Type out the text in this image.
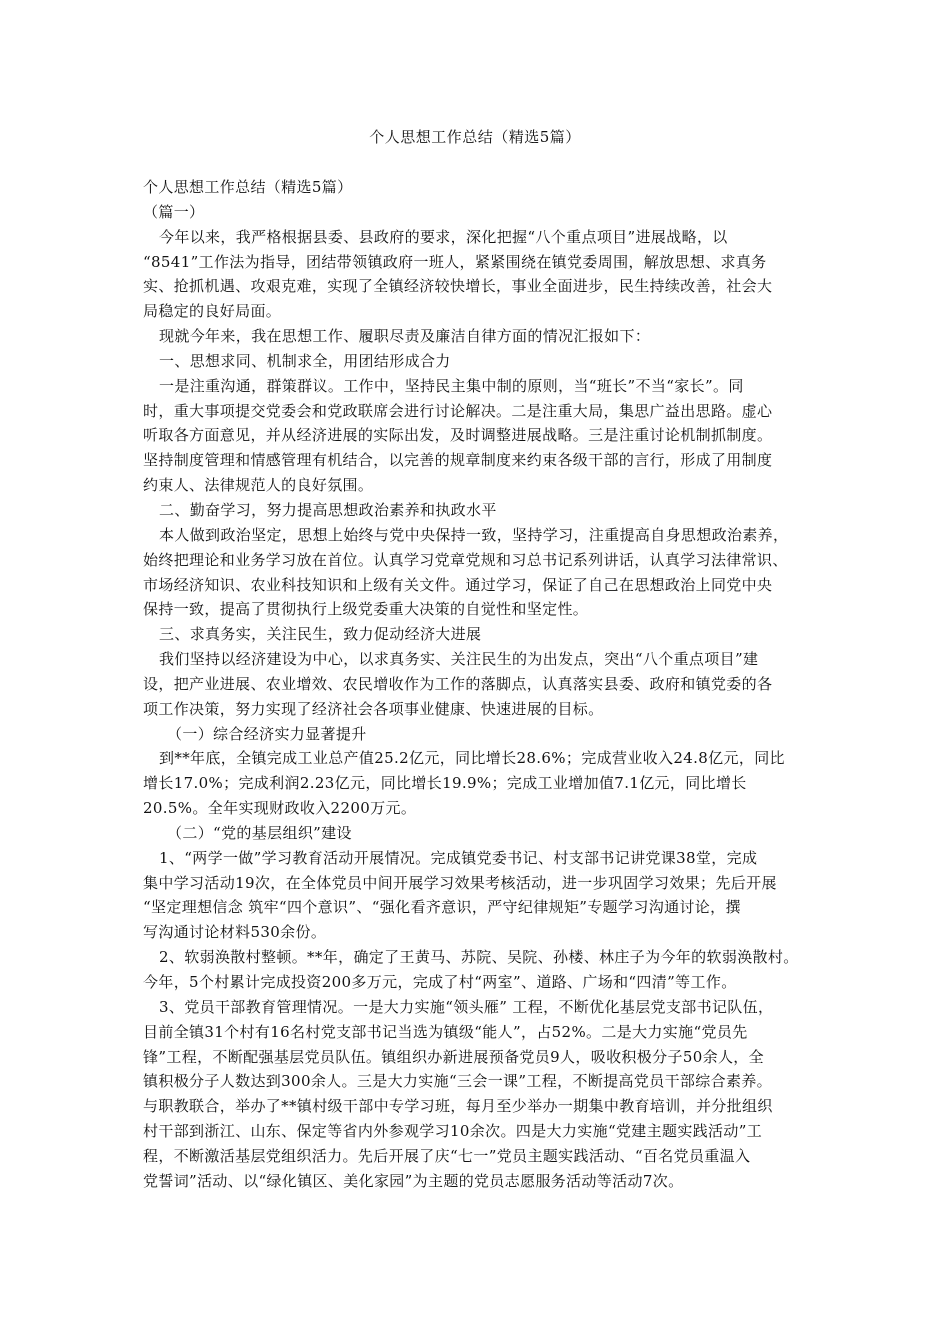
个人思想工作总结（精选5篇）

个人思想工作总结（精选5篇）

（篇一）

今年以来，我严格根据县委、县政府的要求，深化把握“八个重点项目”进展战略，以

“8541”工作法为指导，团结带领镇政府一班人，紧紧围绕在镇党委周围，解放思想、求真务

实、抢抓机遇、攻艰克难，实现了全镇经济较快增长，事业全面进步，民生持续改善，社会大

局稳定的良好局面。

现就今年来，我在思想工作、履职尽责及廉洁自律方面的情况汇报如下：

一、思想求同、机制求全，用团结形成合力

一是注重沟通，群策群议。工作中，坚持民主集中制的原则，当“班长”不当“家长”。同

时，重大事项提交党委会和党政联席会进行讨论解决。二是注重大局，集思广益出思路。虚心

听取各方面意见，并从经济进展的实际出发，及时调整进展战略。三是注重讨论机制抓制度。

坚持制度管理和情感管理有机结合，以完善的规章制度来约束各级干部的言行，形成了用制度

约束人、法律规范人的良好氛围。

二、勤奋学习，努力提高思想政治素养和执政水平

本人做到政治坚定，思想上始终与党中央保持一致，坚持学习，注重提高自身思想政治素养，

始终把理论和业务学习放在首位。认真学习党章党规和习总书记系列讲话，认真学习法律常识、

市场经济知识、农业科技知识和上级有关文件。通过学习，保证了自己在思想政治上同党中央

保持一致，提高了贯彻执行上级党委重大决策的自觉性和坚定性。

三、求真务实，关注民生，致力促动经济大进展

我们坚持以经济建设为中心，以求真务实、关注民生的为出发点，突出“八个重点项目”建

设，把产业进展、农业增效、农民增收作为工作的落脚点，认真落实县委、政府和镇党委的各

项工作决策，努力实现了经济社会各项事业健康、快速进展的目标。

（一）综合经济实力显著提升

到**年底，全镇完成工业总产值25.2亿元，同比增长28.6%；完成营业收入24.8亿元，同比

增长17.0%；完成利润2.23亿元，同比增长19.9%；完成工业增加值7.1亿元，同比增长

20.5%。全年实现财政收入2200万元。

（二）“党的基层组织”建设

1、“两学一做”学习教育活动开展情况。完成镇党委书记、村支部书记讲党课38堂，完成

集中学习活动19次，在全体党员中间开展学习效果考核活动，进一步巩固学习效果；先后开展

“坚定理想信念 筑牢“四个意识”、“强化看齐意识，严守纪律规矩”专题学习沟通讨论，撰

写沟通讨论材料530余份。

2、软弱涣散村整顿。**年，确定了王黄马、苏院、吴院、孙楼、林庄子为今年的软弱涣散村。

今年，5个村累计完成投资200多万元，完成了村“两室”、道路、广场和“四清”等工作。

3、党员干部教育管理情况。一是大力实施“领头雁” 工程，不断优化基层党支部书记队伍，

目前全镇31个村有16名村党支部书记当选为镇级“能人”，占52%。二是大力实施“党员先

锋”工程，不断配强基层党员队伍。镇组织办新进展预备党员9人，吸收积极分子50余人，全

镇积极分子人数达到300余人。三是大力实施“三会一课”工程，不断提高党员干部综合素养。

与职教联合，举办了**镇村级干部中专学习班，每月至少举办一期集中教育培训，并分批组织

村干部到浙江、山东、保定等省内外参观学习10余次。四是大力实施“党建主题实践活动”工

程，不断激活基层党组织活力。先后开展了庆“七一”党员主题实践活动、“百名党员重温入

党誓词”活动、以“绿化镇区、美化家园”为主题的党员志愿服务活动等活动7次。
